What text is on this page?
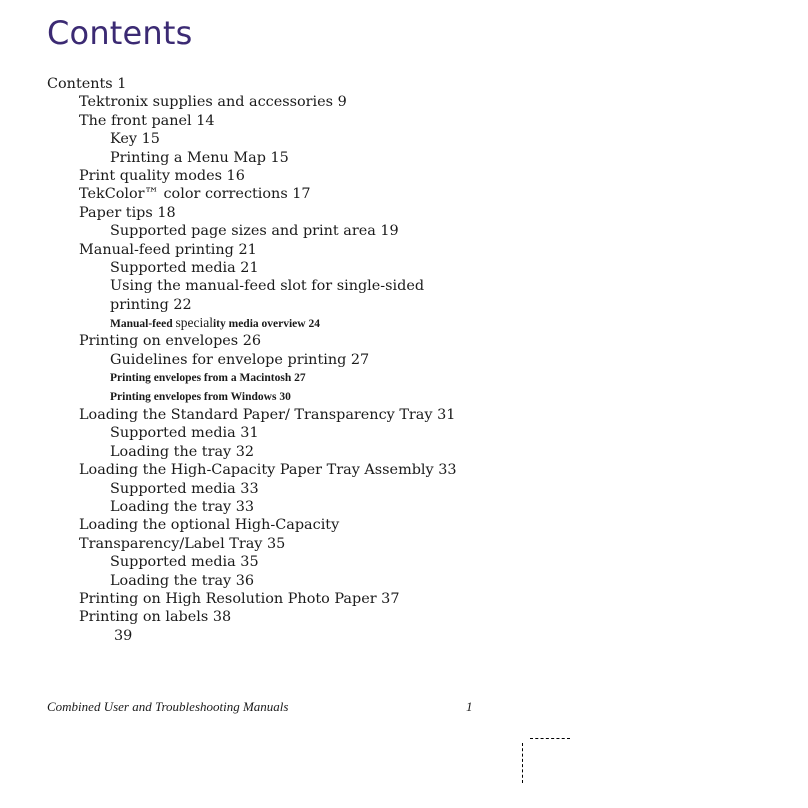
Contents
Contents 1
Tektronix supplies and accessories 9
The front panel 14
Key 15
Printing a Menu Map 15
Print quality modes 16
TekColor™ color corrections 17
Paper tips 18
Supported page sizes and print area 19
Manual-feed printing 21
Supported media 21
Using the manual-feed slot for single-sided
printing 22
Manual-feed speciality media overview 24
Printing on envelopes 26
Guidelines for envelope printing 27
Printing envelopes from a Macintosh 27
Printing envelopes from Windows 30
Loading the Standard Paper/ Transparency Tray 31
Supported media 31
Loading the tray 32
Loading the High-Capacity Paper Tray Assembly 33
Supported media 33
Loading the tray 33
Loading the optional High-Capacity
Transparency/Label Tray 35
Supported media 35
Loading the tray 36
Printing on High Resolution Photo Paper 37
Printing on labels 38
39
Combined User and Troubleshooting Manuals	1
